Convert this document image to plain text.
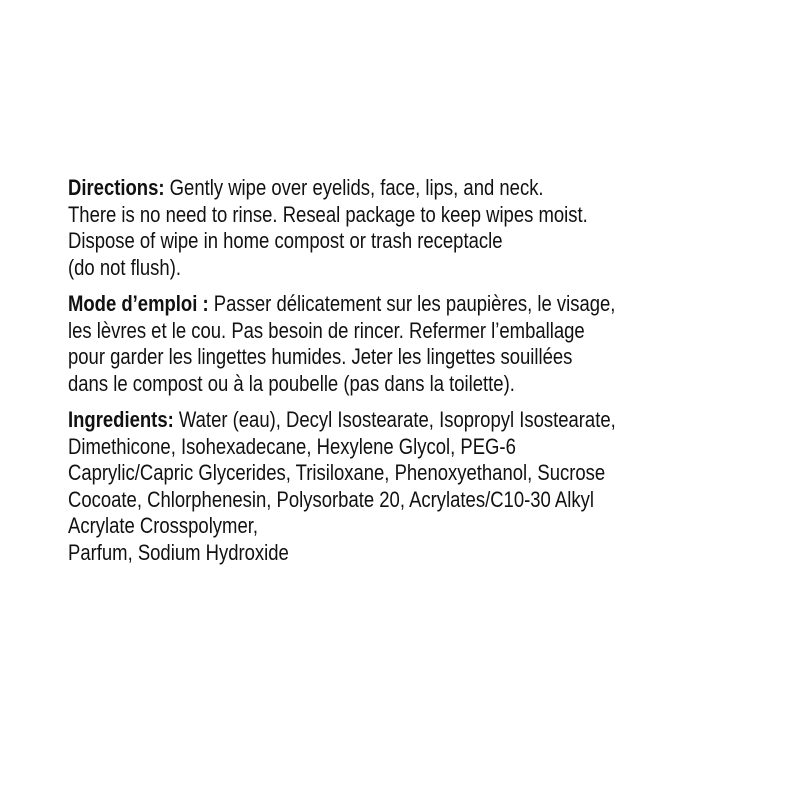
Directions: Gently wipe over eyelids, face, lips, and neck.
There is no need to rinse. Reseal package to keep wipes moist.
Dispose of wipe in home compost or trash receptacle
(do not flush).
Mode d’emploi : Passer délicatement sur les paupières, le visage,
les lèvres et le cou. Pas besoin de rincer. Refermer l’emballage
pour garder les lingettes humides. Jeter les lingettes souillées
dans le compost ou à la poubelle (pas dans la toilette).
Ingredients: Water (eau), Decyl Isostearate, Isopropyl Isostearate,
Dimethicone, Isohexadecane, Hexylene Glycol, PEG-6
Caprylic/Capric Glycerides, Trisiloxane, Phenoxyethanol, Sucrose
Cocoate, Chlorphenesin, Polysorbate 20, Acrylates/C10-30 Alkyl
Acrylate Crosspolymer,
Parfum, Sodium Hydroxide
